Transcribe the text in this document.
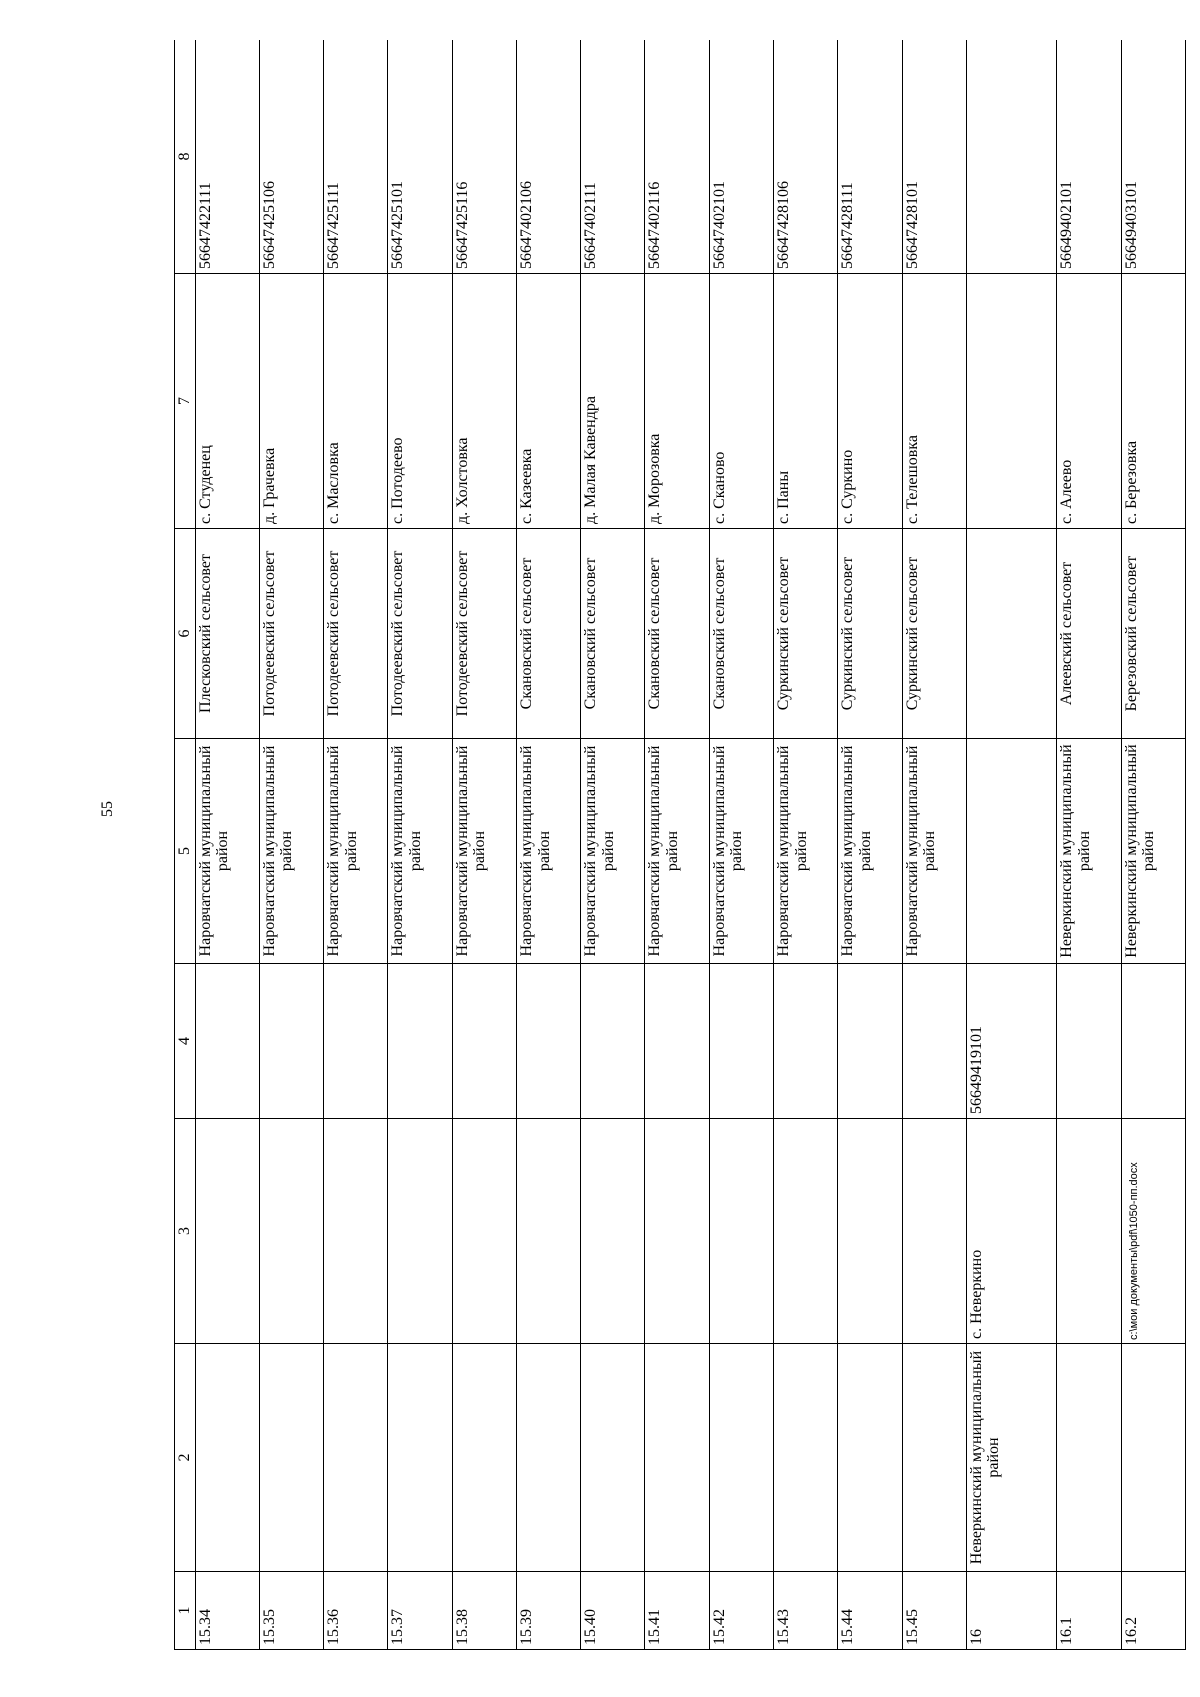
55
c:\мои документы\pdf\1050-пп.docx
1	2	3	4	5	6	7	8
15.34				Наровчатский муниципальный район	Плесковский сельсовет	с. Студенец	56647422111
15.35				Наровчатский муниципальный район	Потодеевский сельсовет	д. Грачевка	56647425106
15.36				Наровчатский муниципальный район	Потодеевский сельсовет	с. Масловка	56647425111
15.37				Наровчатский муниципальный район	Потодеевский сельсовет	с. Потодеево	56647425101
15.38				Наровчатский муниципальный район	Потодеевский сельсовет	д. Холстовка	56647425116
15.39				Наровчатский муниципальный район	Скановский сельсовет	с. Казеевка	56647402106
15.40				Наровчатский муниципальный район	Скановский сельсовет	д. Малая Кавендра	56647402111
15.41				Наровчатский муниципальный район	Скановский сельсовет	д. Морозовка	56647402116
15.42				Наровчатский муниципальный район	Скановский сельсовет	с. Сканово	56647402101
15.43				Наровчатский муниципальный район	Суркинский сельсовет	с. Паны	56647428106
15.44				Наровчатский муниципальный район	Суркинский сельсовет	с. Суркино	56647428111
15.45				Наровчатский муниципальный район	Суркинский сельсовет	с. Телешовка	56647428101
16	Неверкинский муниципальный район	с. Неверкино	56649419101				
16.1				Неверкинский муниципальный район	Алеевский сельсовет	с. Алеево	56649402101
16.2				Неверкинский муниципальный район	Березовский сельсовет	с. Березовка	56649403101
